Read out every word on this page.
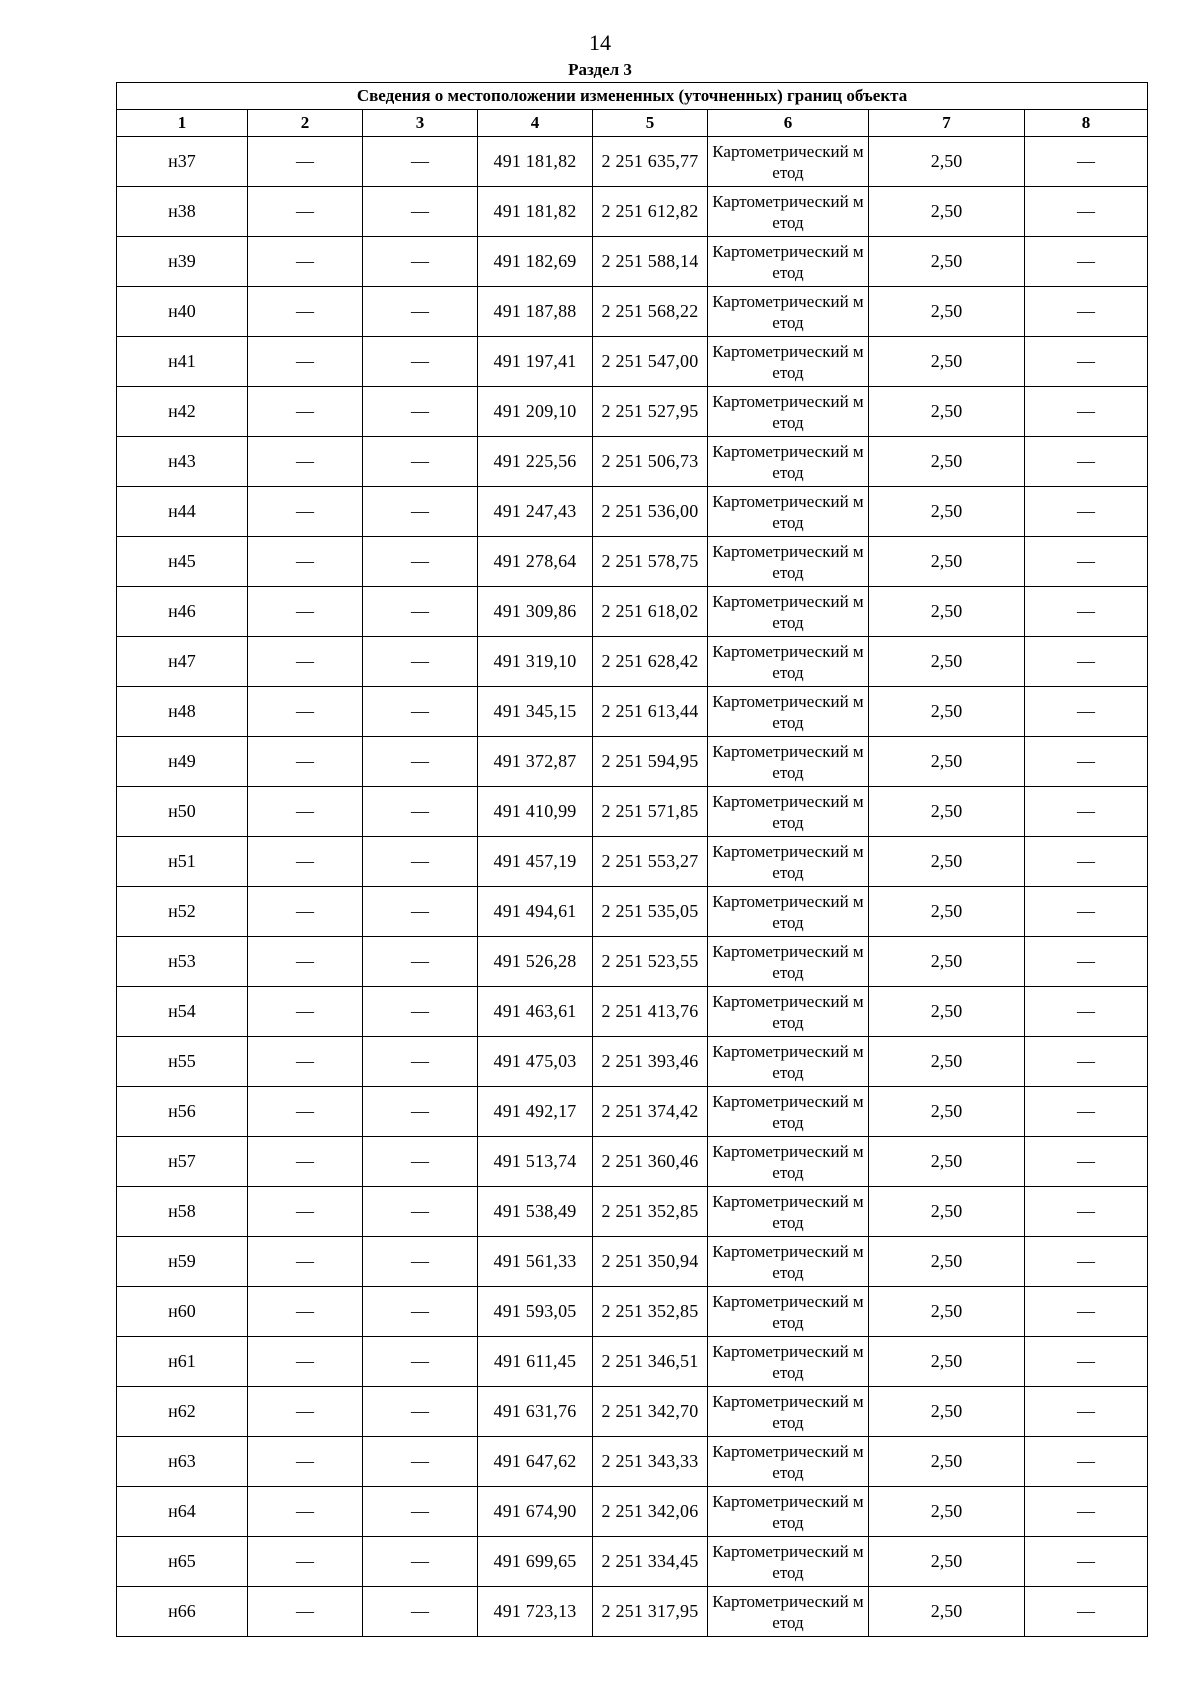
14
Раздел 3
Сведения о местоположении измененных (уточненных) границ объекта							
1	2	3	4	5	6	7	8
н37	—	—	491 181,82	2 251 635,77	Картометрический метод	2,50	—
н38	—	—	491 181,82	2 251 612,82	Картометрический метод	2,50	—
н39	—	—	491 182,69	2 251 588,14	Картометрический метод	2,50	—
н40	—	—	491 187,88	2 251 568,22	Картометрический метод	2,50	—
н41	—	—	491 197,41	2 251 547,00	Картометрический метод	2,50	—
н42	—	—	491 209,10	2 251 527,95	Картометрический метод	2,50	—
н43	—	—	491 225,56	2 251 506,73	Картометрический метод	2,50	—
н44	—	—	491 247,43	2 251 536,00	Картометрический метод	2,50	—
н45	—	—	491 278,64	2 251 578,75	Картометрический метод	2,50	—
н46	—	—	491 309,86	2 251 618,02	Картометрический метод	2,50	—
н47	—	—	491 319,10	2 251 628,42	Картометрический метод	2,50	—
н48	—	—	491 345,15	2 251 613,44	Картометрический метод	2,50	—
н49	—	—	491 372,87	2 251 594,95	Картометрический метод	2,50	—
н50	—	—	491 410,99	2 251 571,85	Картометрический метод	2,50	—
н51	—	—	491 457,19	2 251 553,27	Картометрический метод	2,50	—
н52	—	—	491 494,61	2 251 535,05	Картометрический метод	2,50	—
н53	—	—	491 526,28	2 251 523,55	Картометрический метод	2,50	—
н54	—	—	491 463,61	2 251 413,76	Картометрический метод	2,50	—
н55	—	—	491 475,03	2 251 393,46	Картометрический метод	2,50	—
н56	—	—	491 492,17	2 251 374,42	Картометрический метод	2,50	—
н57	—	—	491 513,74	2 251 360,46	Картометрический метод	2,50	—
н58	—	—	491 538,49	2 251 352,85	Картометрический метод	2,50	—
н59	—	—	491 561,33	2 251 350,94	Картометрический метод	2,50	—
н60	—	—	491 593,05	2 251 352,85	Картометрический метод	2,50	—
н61	—	—	491 611,45	2 251 346,51	Картометрический метод	2,50	—
н62	—	—	491 631,76	2 251 342,70	Картометрический метод	2,50	—
н63	—	—	491 647,62	2 251 343,33	Картометрический метод	2,50	—
н64	—	—	491 674,90	2 251 342,06	Картометрический метод	2,50	—
н65	—	—	491 699,65	2 251 334,45	Картометрический метод	2,50	—
н66	—	—	491 723,13	2 251 317,95	Картометрический метод	2,50	—
